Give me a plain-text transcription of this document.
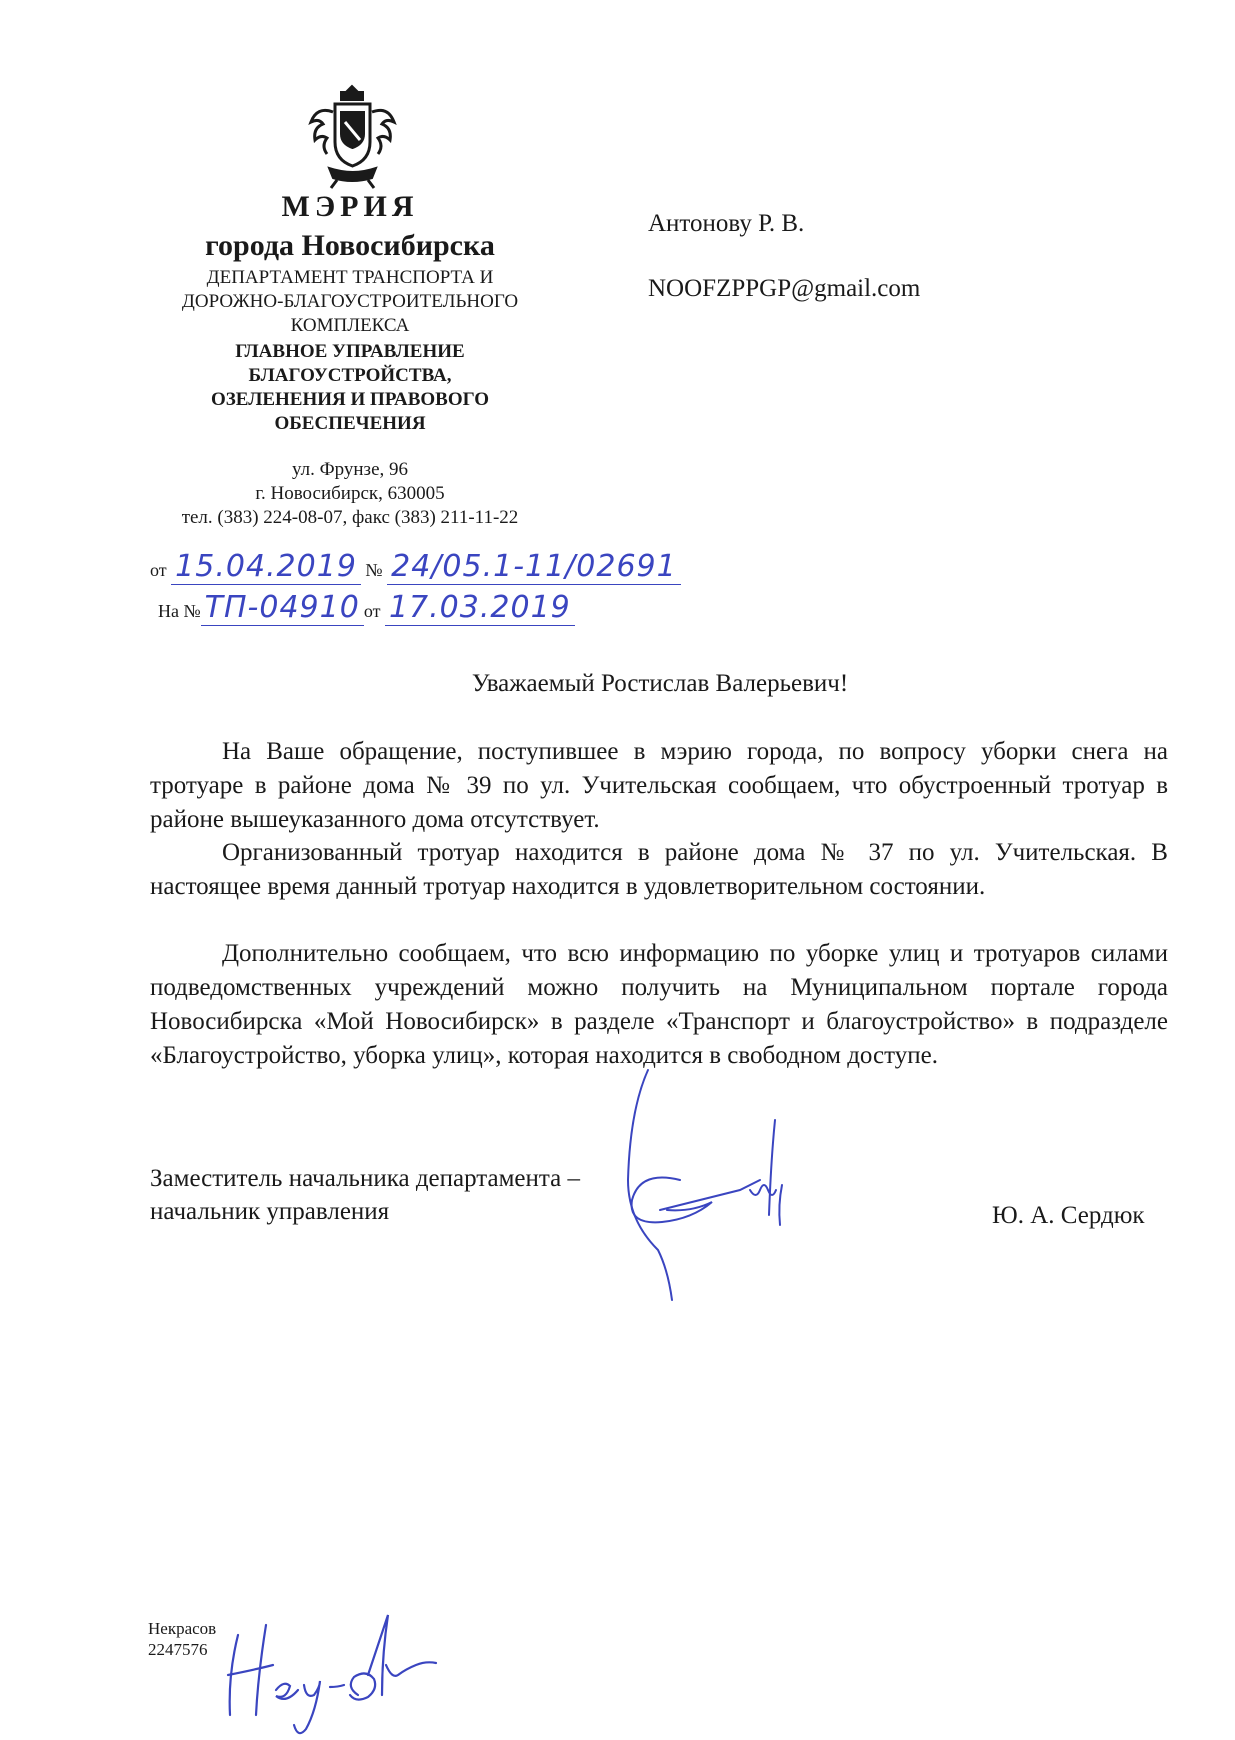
МЭРИЯ
города Новосибирска
ДЕПАРТАМЕНТ ТРАНСПОРТА И
ДОРОЖНО-БЛАГОУСТРОИТЕЛЬНОГО
КОМПЛЕКСА
ГЛАВНОЕ УПРАВЛЕНИЕ
БЛАГОУСТРОЙСТВА,
ОЗЕЛЕНЕНИЯ И ПРАВОВОГО
ОБЕСПЕЧЕНИЯ
ул. Фрунзе, 96
г. Новосибирск, 630005
тел. (383) 224-08-07, факс (383) 211-11-22
от 15.04.2019 № 24/05.1-11/02691
На № ТП-04910 от 17.03.2019
Антонову Р. В.
NOOFZPPGP@gmail.com
Уважаемый Ростислав Валерьевич!
На Ваше обращение, поступившее в мэрию города, по вопросу уборки снега на тротуаре в районе дома № 39 по ул. Учительская сообщаем, что обустроенный тротуар в районе вышеуказанного дома отсутствует.
Организованный тротуар находится в районе дома № 37 по ул. Учительская. В настоящее время данный тротуар находится в удовлетворительном состоянии.
Дополнительно сообщаем, что всю информацию по уборке улиц и тротуаров силами подведомственных учреждений можно получить на Муниципальном портале города Новосибирска «Мой Новосибирск» в разделе «Транспорт и благоустройство» в подразделе «Благоустройство, уборка улиц», которая находится в свободном доступе.
Заместитель начальника департамента –
начальник управления	Ю. А. Сердюк
Некрасов
2247576
